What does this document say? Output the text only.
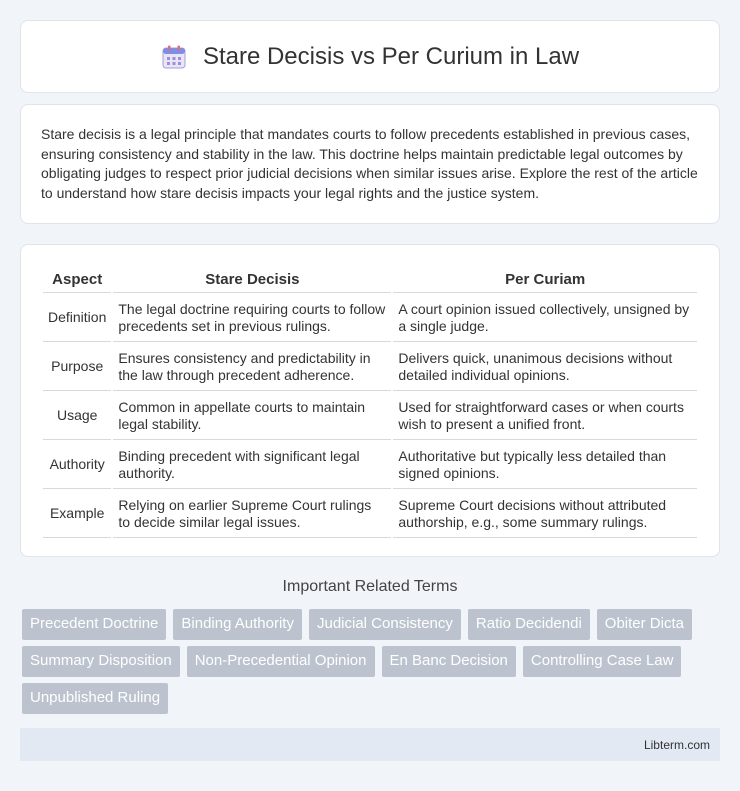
Stare Decisis vs Per Curium in Law

Stare decisis is a legal principle that mandates courts to follow precedents established in previous cases, ensuring consistency and stability in the law. This doctrine helps maintain predictable legal outcomes by obligating judges to respect prior judicial decisions when similar issues arise. Explore the rest of the article to understand how stare decisis impacts your legal rights and the justice system.

Aspect	Stare Decisis	Per Curiam
Definition	The legal doctrine requiring courts to follow precedents set in previous rulings.	A court opinion issued collectively, unsigned by a single judge.
Purpose	Ensures consistency and predictability in the law through precedent adherence.	Delivers quick, unanimous decisions without detailed individual opinions.
Usage	Common in appellate courts to maintain legal stability.	Used for straightforward cases or when courts wish to present a unified front.
Authority	Binding precedent with significant legal authority.	Authoritative but typically less detailed than signed opinions.
Example	Relying on earlier Supreme Court rulings to decide similar legal issues.	Supreme Court decisions without attributed authorship, e.g., some summary rulings.
Important Related Terms
Precedent Doctrine	Binding Authority	Judicial Consistency	Ratio Decidendi	Obiter Dicta
Summary Disposition	Non-Precedential Opinion	En Banc Decision	Controlling Case Law
Unpublished Ruling
Libterm.com
